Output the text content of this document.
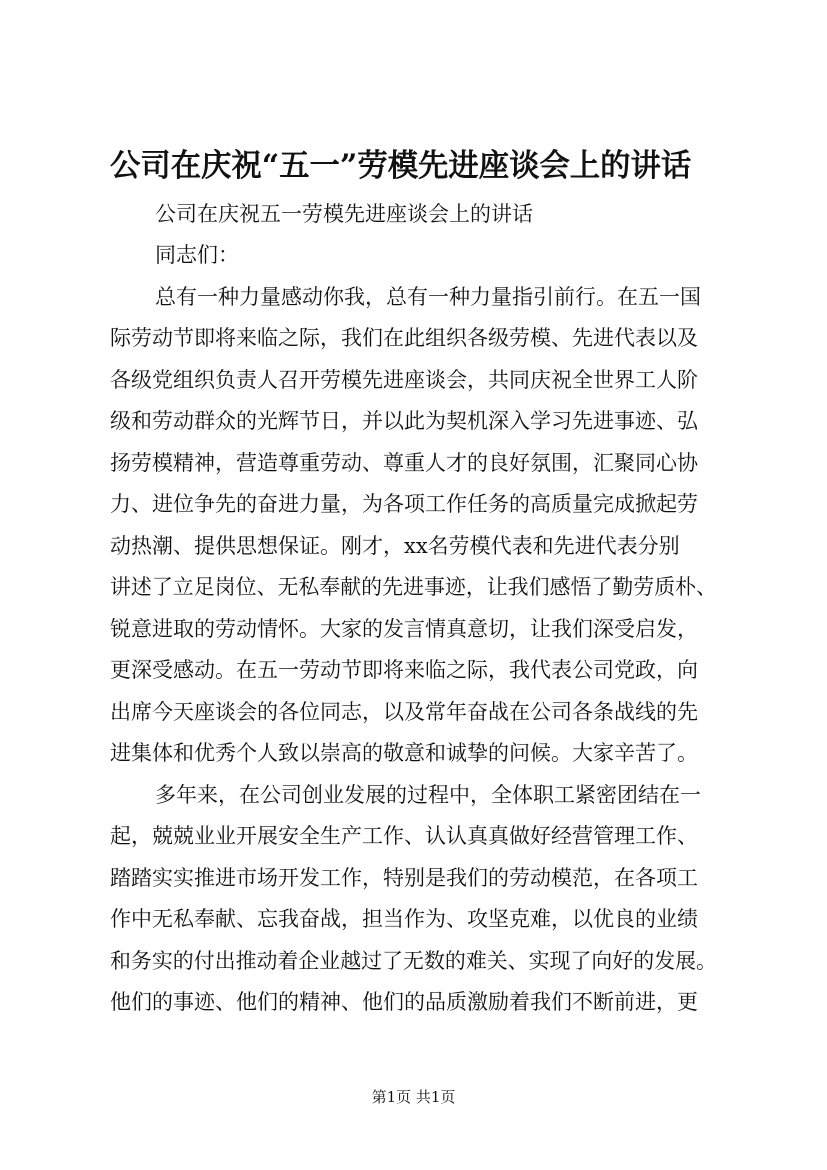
公司在庆祝“五一”劳模先进座谈会上的讲话
公司在庆祝五一劳模先进座谈会上的讲话
同志们：
总有一种力量感动你我，总有一种力量指引前行。在五一国
际劳动节即将来临之际，我们在此组织各级劳模、先进代表以及
各级党组织负责人召开劳模先进座谈会，共同庆祝全世界工人阶
级和劳动群众的光辉节日，并以此为契机深入学习先进事迹、弘
扬劳模精神，营造尊重劳动、尊重人才的良好氛围，汇聚同心协
力、进位争先的奋进力量，为各项工作任务的高质量完成掀起劳
动热潮、提供思想保证。刚才，xx名劳模代表和先进代表分别
讲述了立足岗位、无私奉献的先进事迹，让我们感悟了勤劳质朴、
锐意进取的劳动情怀。大家的发言情真意切，让我们深受启发，
更深受感动。在五一劳动节即将来临之际，我代表公司党政，向
出席今天座谈会的各位同志，以及常年奋战在公司各条战线的先
进集体和优秀个人致以崇高的敬意和诚挚的问候。大家辛苦了。
多年来，在公司创业发展的过程中，全体职工紧密团结在一
起，兢兢业业开展安全生产工作、认认真真做好经营管理工作、
踏踏实实推进市场开发工作，特别是我们的劳动模范，在各项工
作中无私奉献、忘我奋战，担当作为、攻坚克难，以优良的业绩
和务实的付出推动着企业越过了无数的难关、实现了向好的发展。
他们的事迹、他们的精神、他们的品质激励着我们不断前进，更
第1页 共1页
